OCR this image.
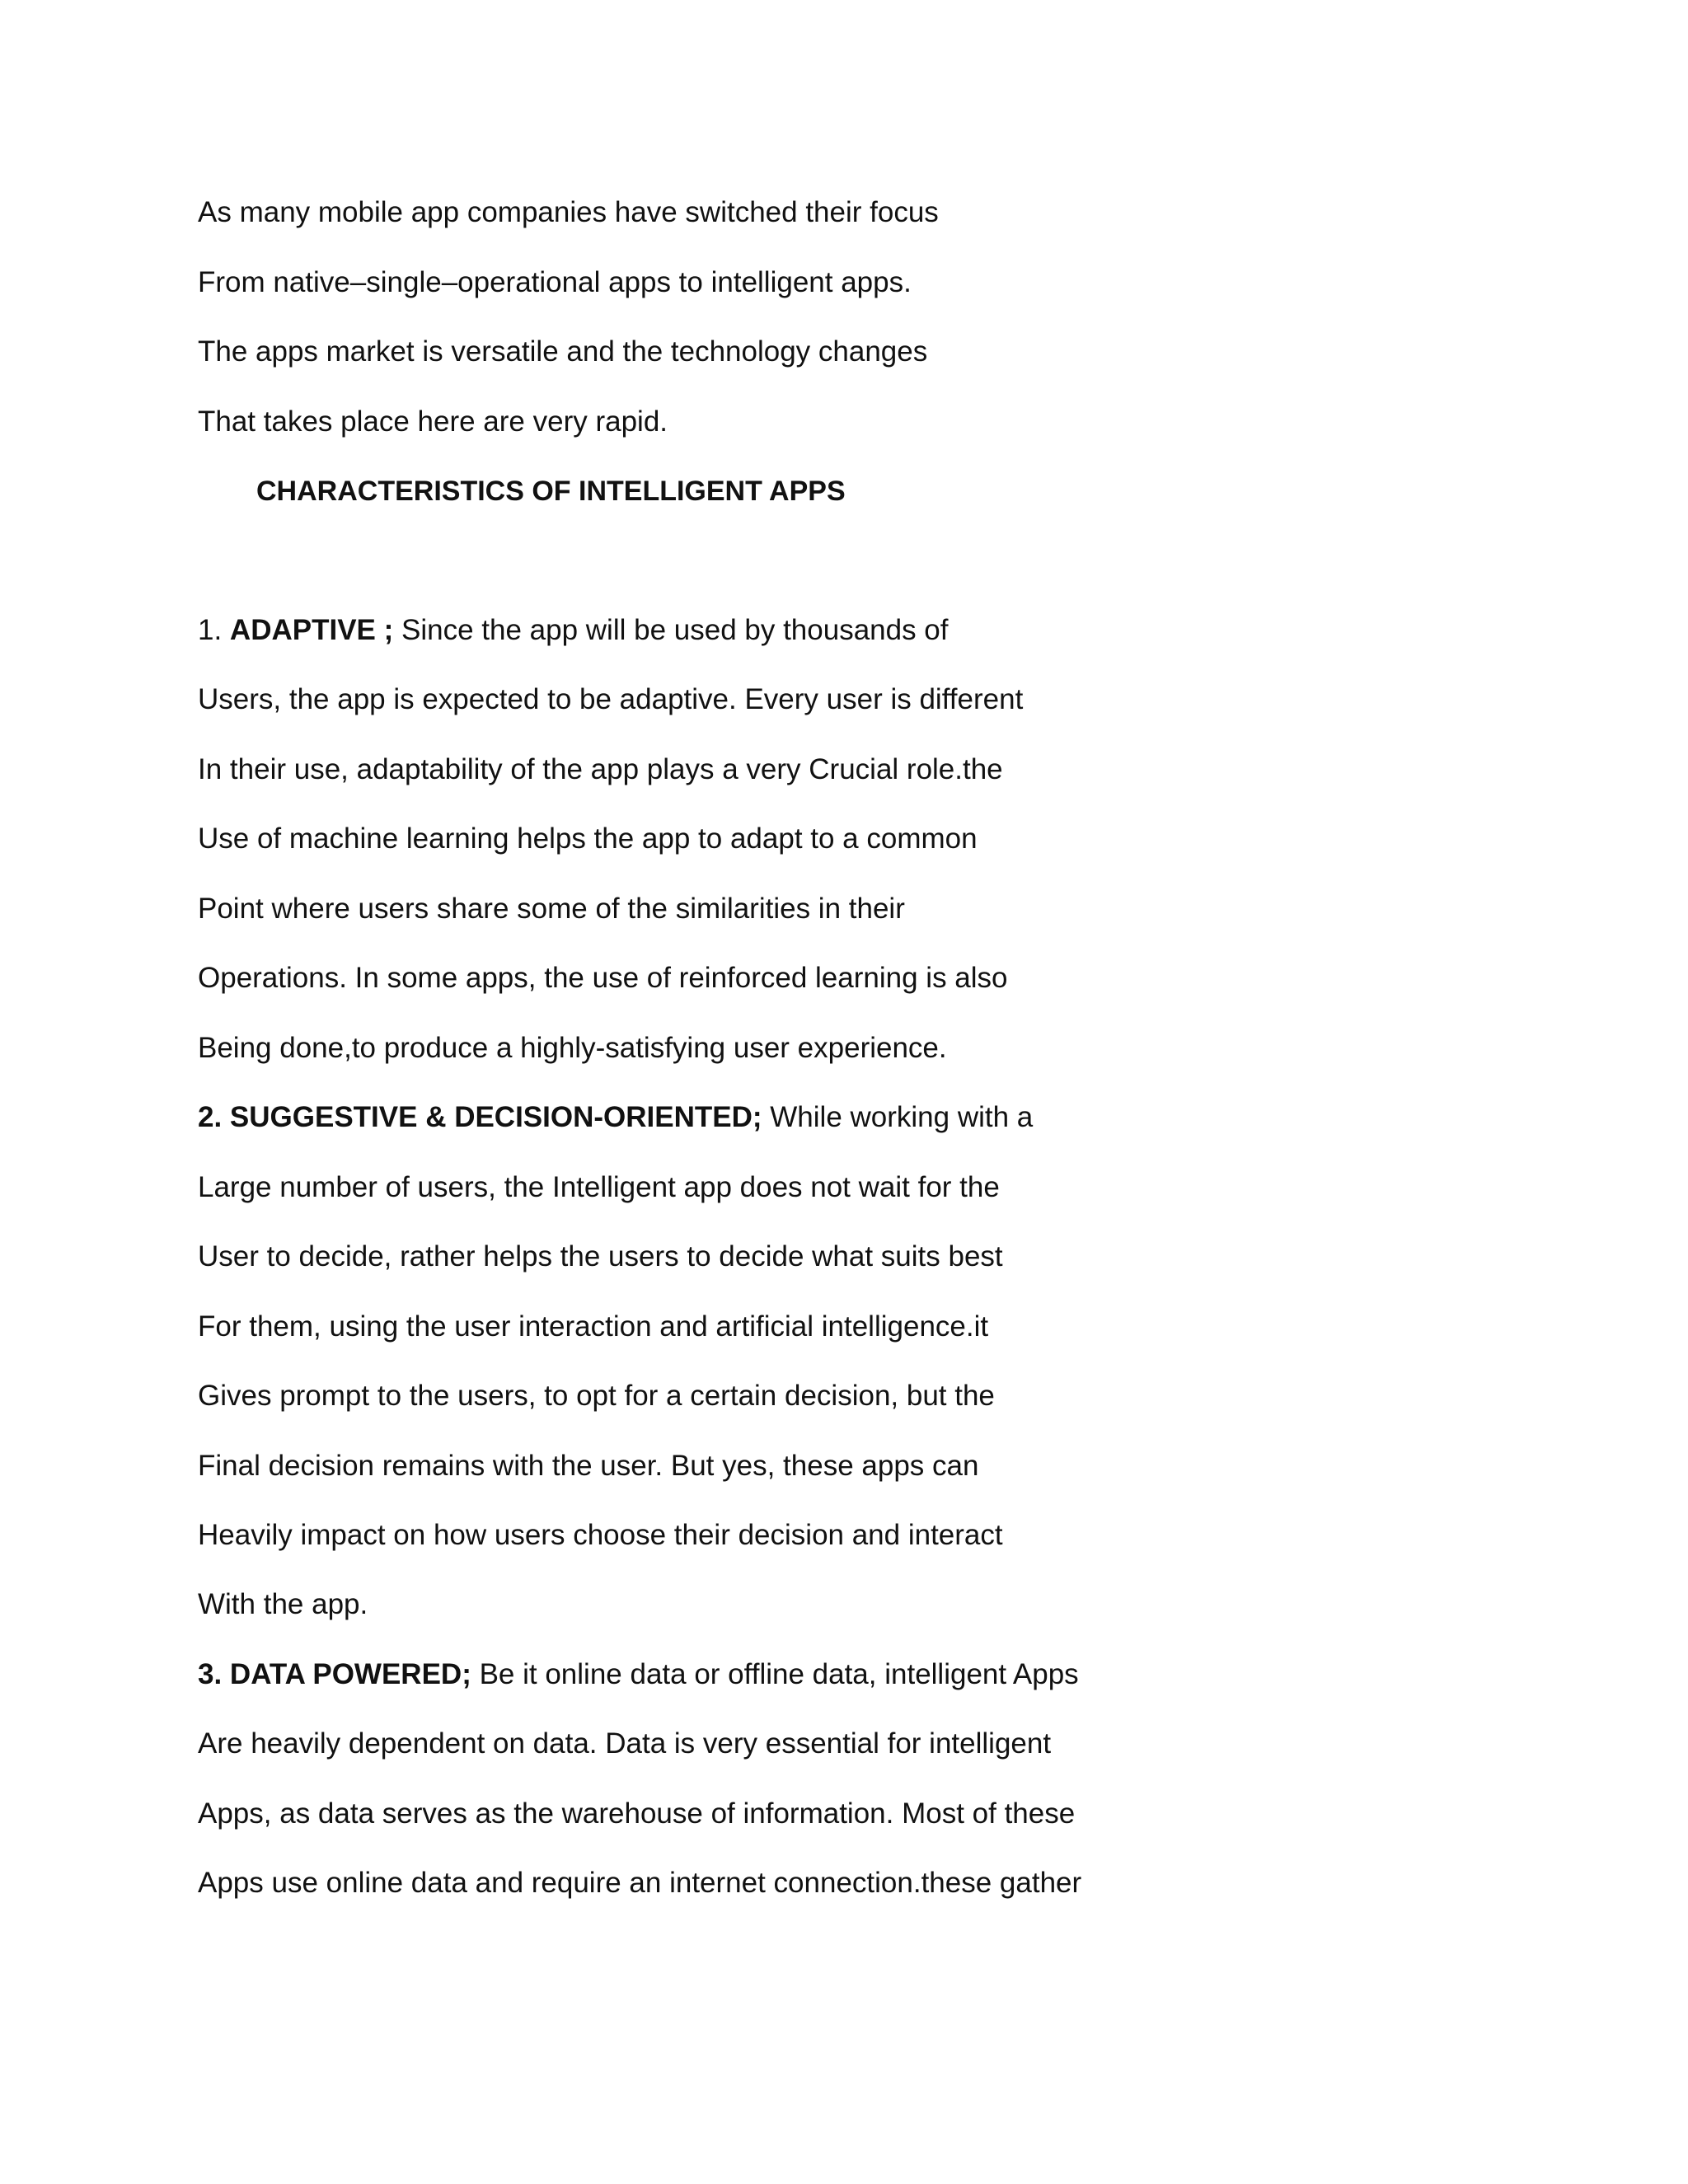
As many mobile app companies have switched their focus
From native–single–operational apps to intelligent apps.
The apps market is versatile and the technology changes
That takes place here are very rapid.
CHARACTERISTICS OF INTELLIGENT APPS
1. ADAPTIVE ; Since the app will be used by thousands of
Users, the app is expected to be adaptive. Every user is different
In their use, adaptability of the app plays a very Crucial role.the
Use of machine learning helps the app to adapt to a common
Point where users share some of the similarities in their
Operations. In some apps, the use of reinforced learning is also
Being done,to produce a highly-satisfying user experience.
2. SUGGESTIVE & DECISION-ORIENTED; While working with a
Large number of users, the Intelligent app does not wait for the
User to decide, rather helps the users to decide what suits best
For them, using the user interaction and artificial intelligence.it
Gives prompt to the users, to opt for a certain decision, but the
Final decision remains with the user. But yes, these apps can
Heavily impact on how users choose their decision and interact
With the app.
3. DATA POWERED; Be it online data or offline data, intelligent Apps
Are heavily dependent on data. Data is very essential for intelligent
Apps, as data serves as the warehouse of information. Most of these
Apps use online data and require an internet connection.these gather
